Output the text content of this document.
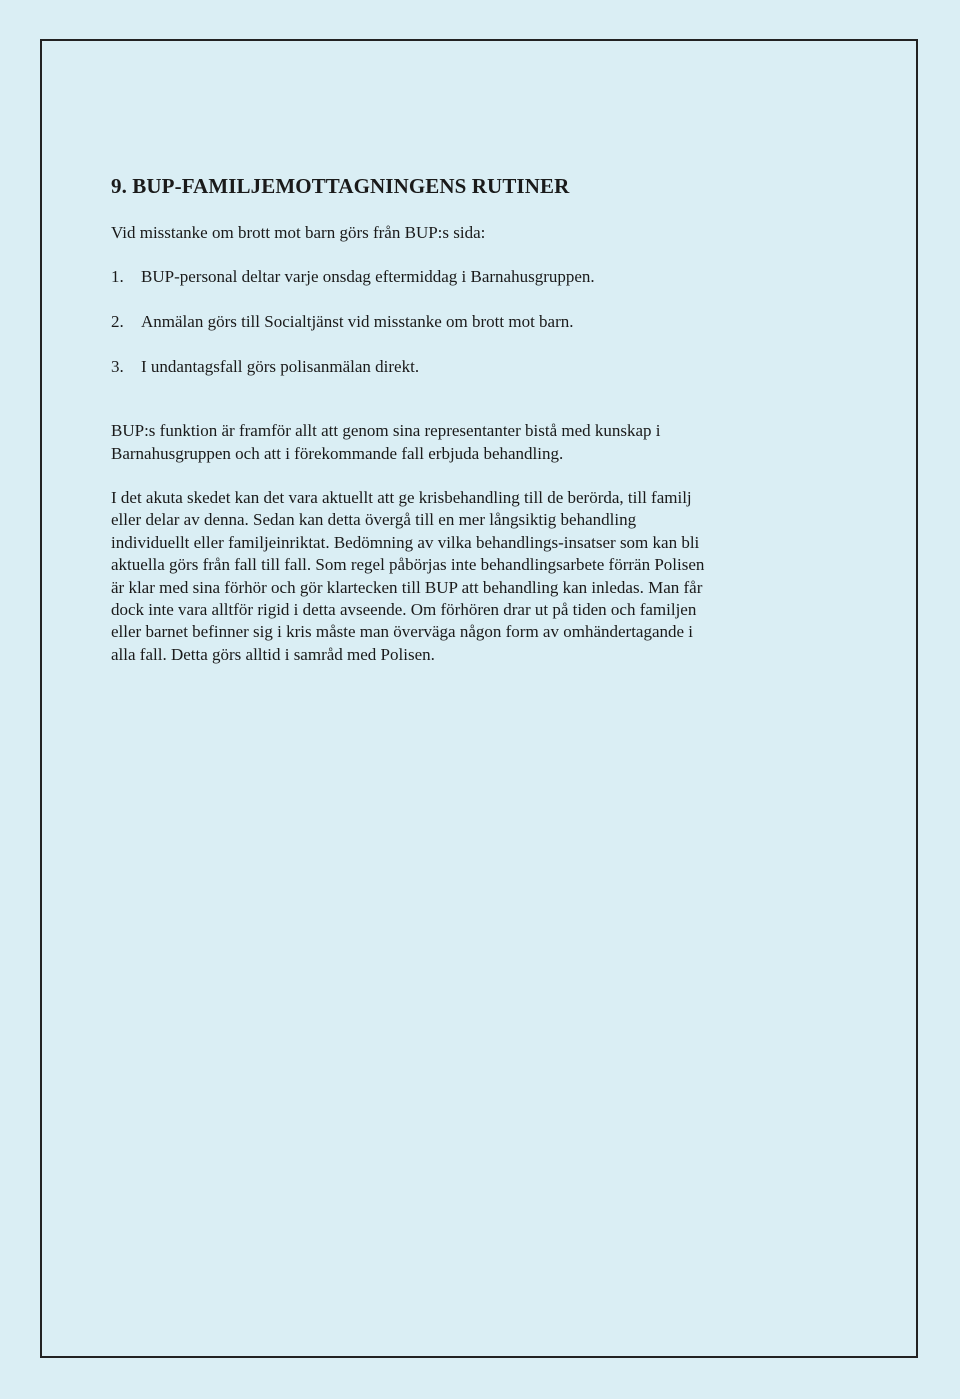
9. BUP-FAMILJEMOTTAGNINGENS RUTINER

Vid misstanke om brott mot barn görs från BUP:s sida:

1. BUP-personal deltar varje onsdag eftermiddag i Barnahusgruppen.
2. Anmälan görs till Socialtjänst vid misstanke om brott mot barn.
3. I undantagsfall görs polisanmälan direkt.

BUP:s funktion är framför allt att genom sina representanter bistå med kunskap i
Barnahusgruppen och att i förekommande fall erbjuda behandling.

I det akuta skedet kan det vara aktuellt att ge krisbehandling till de berörda, till familj
eller delar av denna. Sedan kan detta övergå till en mer långsiktig behandling
individuellt eller familjeinriktat. Bedömning av vilka behandlings-insatser som kan bli
aktuella görs från fall till fall. Som regel påbörjas inte behandlingsarbete förrän Polisen
är klar med sina förhör och gör klartecken till BUP att behandling kan inledas. Man får
dock inte vara alltför rigid i detta avseende. Om förhören drar ut på tiden och familjen
eller barnet befinner sig i kris måste man överväga någon form av omhändertagande i
alla fall. Detta görs alltid i samråd med Polisen.
